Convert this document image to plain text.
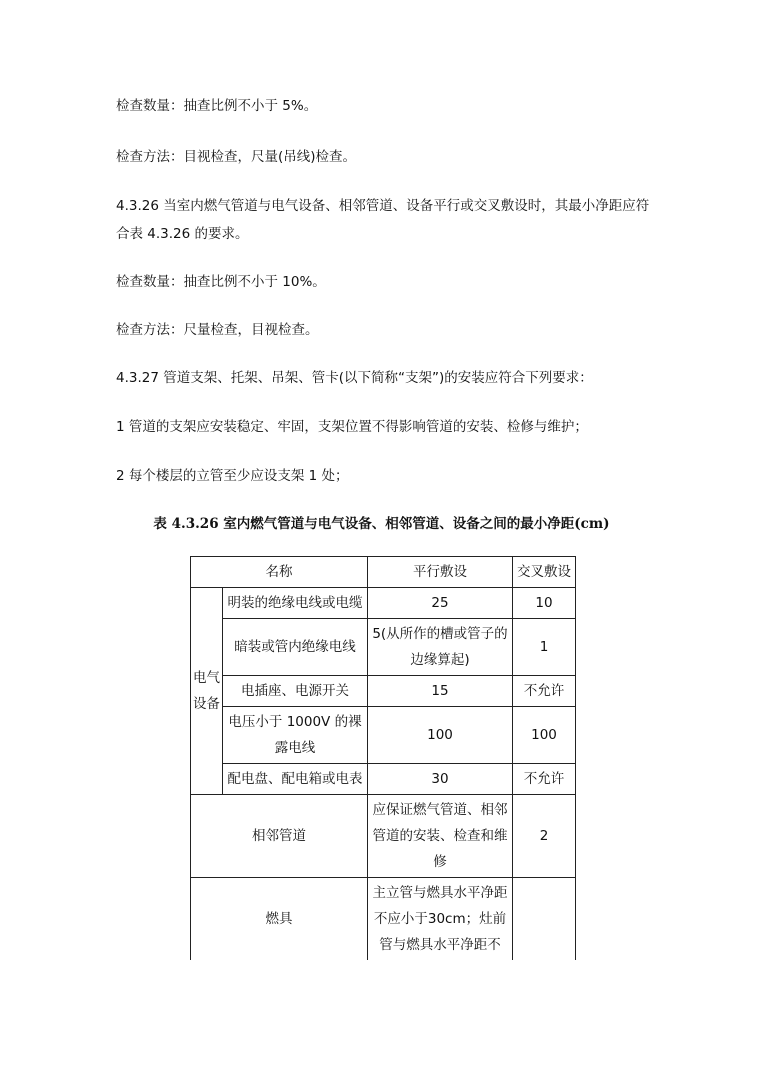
检查数量：抽查比例不小于 5%。

检查方法：目视检查，尺量(吊线)检查。

4.3.26 当室内燃气管道与电气设备、相邻管道、设备平行或交叉敷设时，其最小净距应符合表 4.3.26 的要求。

检查数量：抽查比例不小于 10%。

检查方法：尺量检查，目视检查。

4.3.27 管道支架、托架、吊架、管卡(以下简称“支架”)的安装应符合下列要求：

1 管道的支架应安装稳定、牢固，支架位置不得影响管道的安装、检修与维护；

2 每个楼层的立管至少应设支架 1 处；

表 4.3.26 室内燃气管道与电气设备、相邻管道、设备之间的最小净距(cm)

名称		平行敷设	交叉敷设
电气设备	明装的绝缘电线或电缆	25	10
	暗装或管内绝缘电线	5(从所作的槽或管子的边缘算起)	1
	电插座、电源开关	15	不允许
	电压小于 1000V 的裸露电线	100	100
	配电盘、配电箱或电表	30	不允许
相邻管道		应保证燃气管道、相邻管道的安装、检查和维修	2
燃具		主立管与燃具水平净距不应小于30cm；灶前管与燃具水平净距不	
